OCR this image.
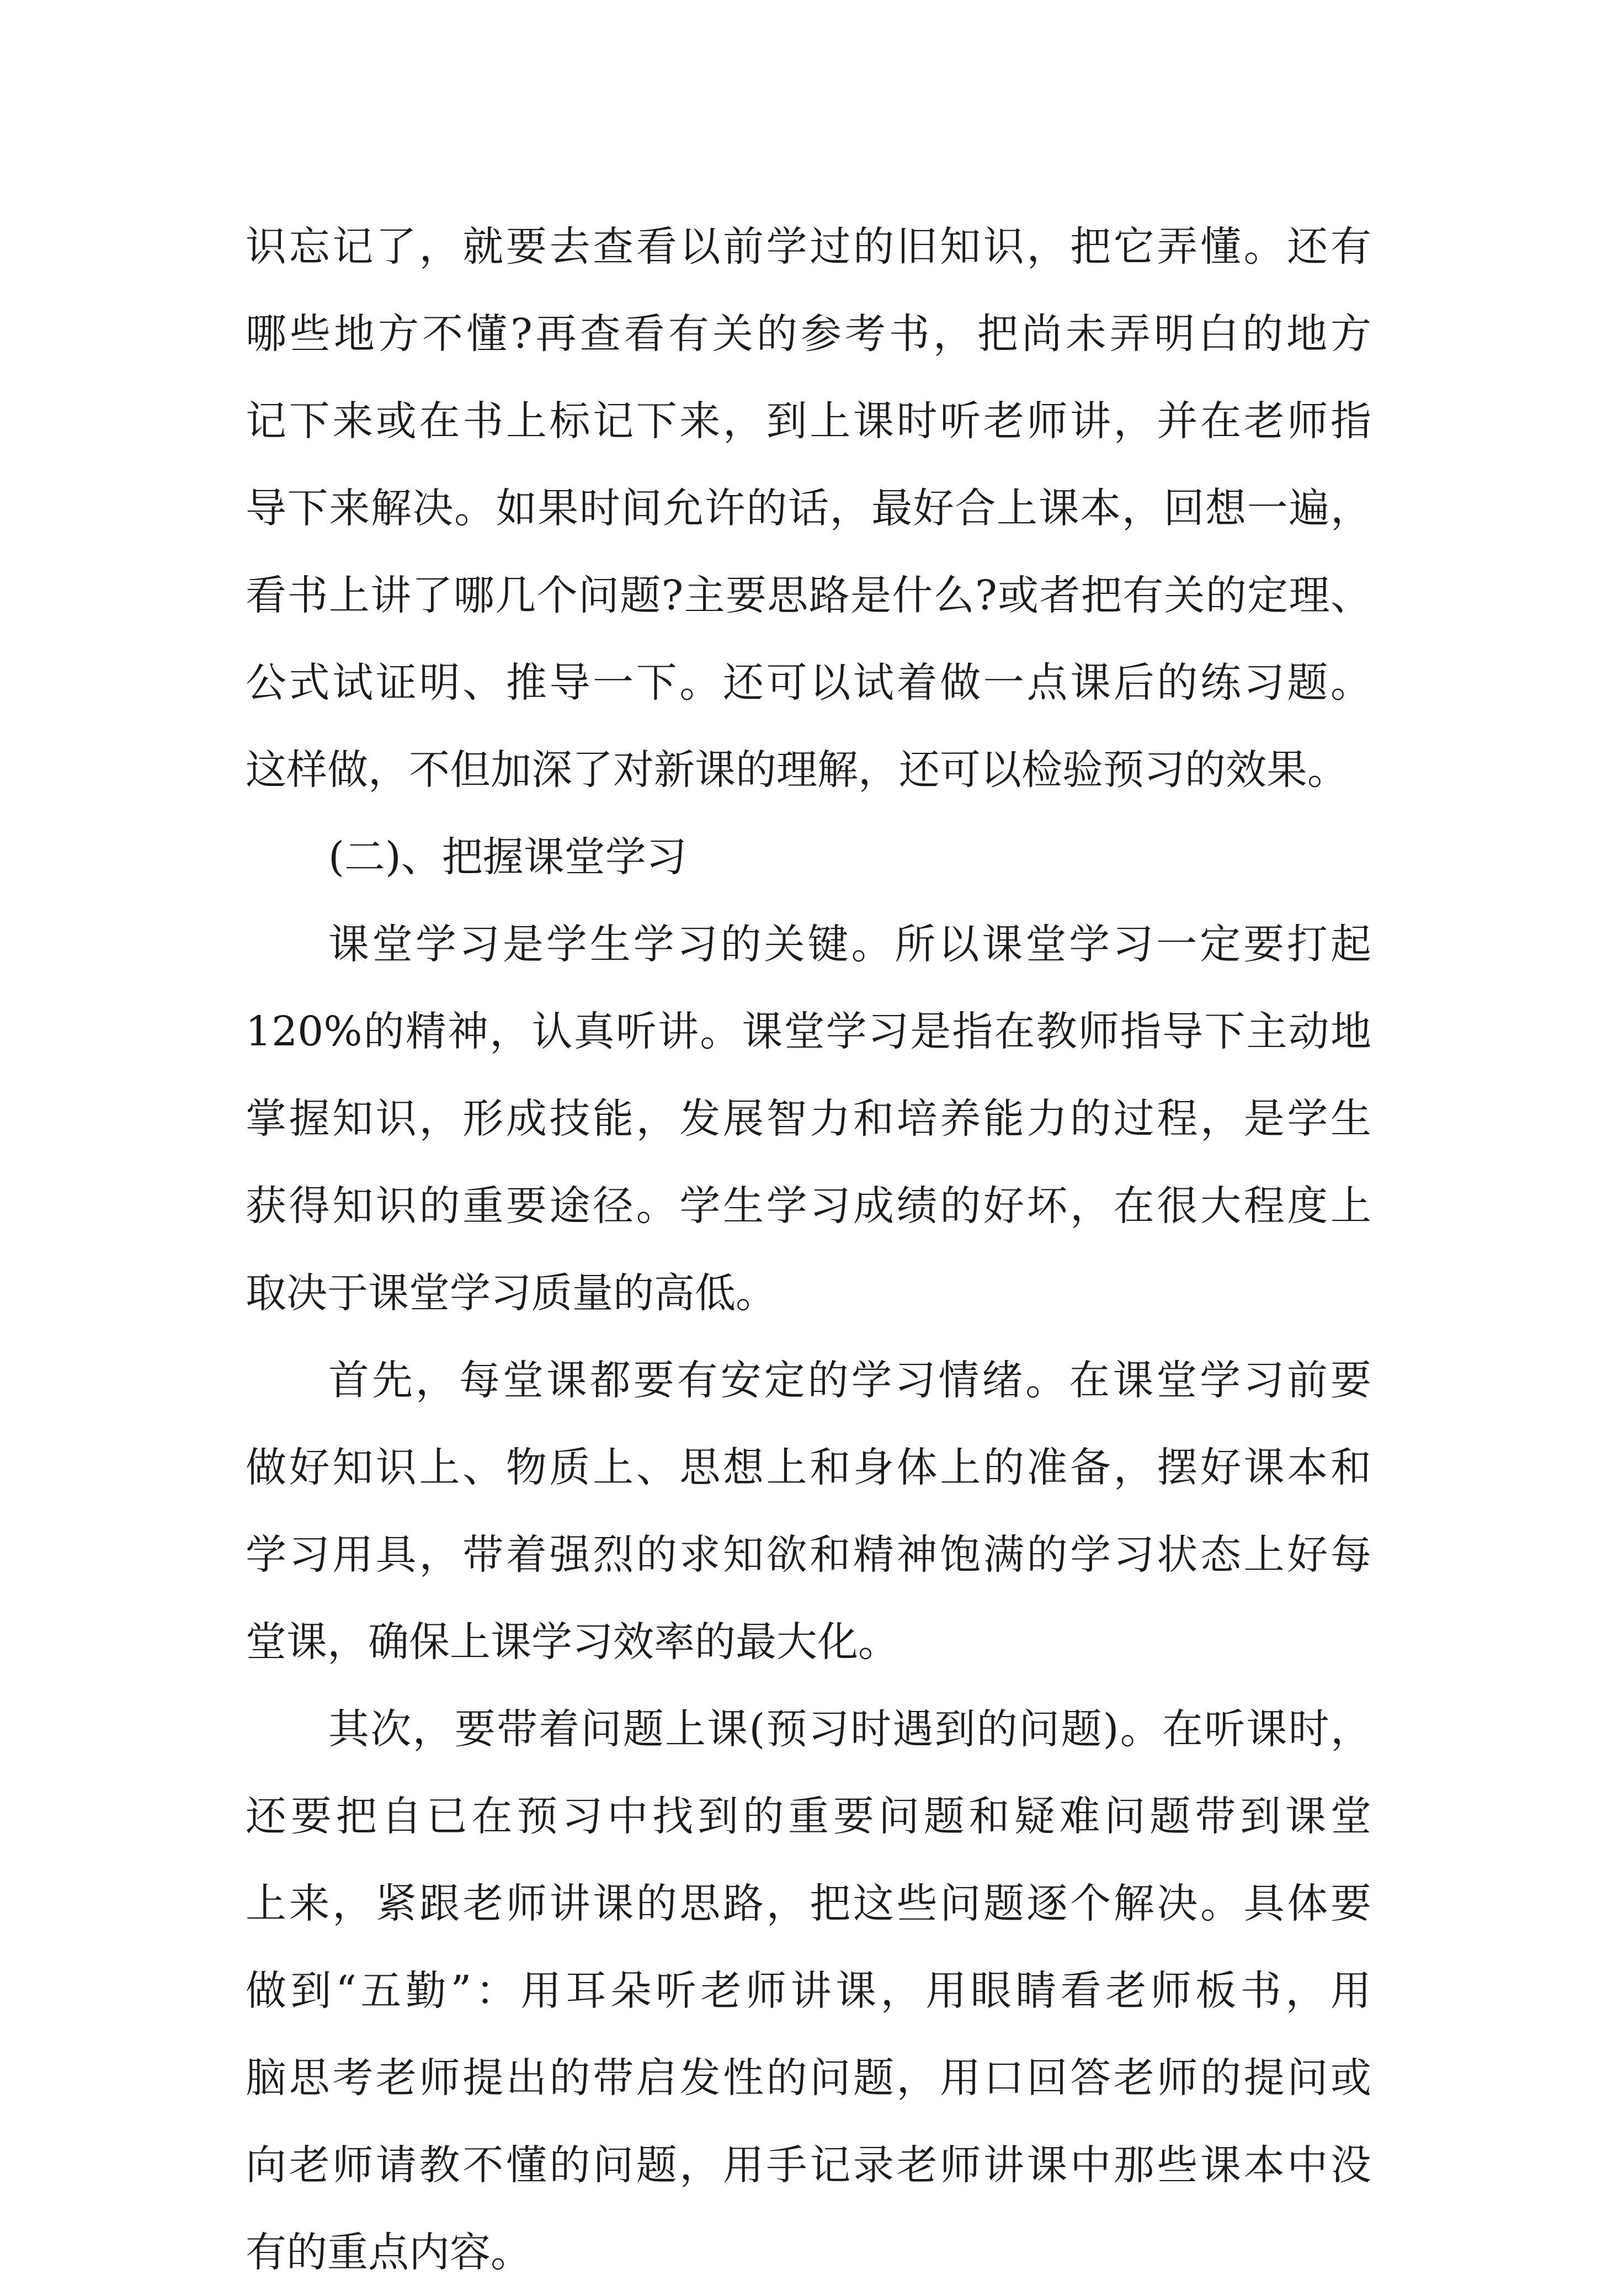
识忘记了，就要去查看以前学过的旧知识，把它弄懂。还有
哪些地方不懂?再查看有关的参考书，把尚未弄明白的地方
记下来或在书上标记下来，到上课时听老师讲，并在老师指
导下来解决。如果时间允许的话，最好合上课本，回想一遍，
看书上讲了哪几个问题?主要思路是什么?或者把有关的定理、
公式试证明、推导一下。还可以试着做一点课后的练习题。
这样做，不但加深了对新课的理解，还可以检验预习的效果。
(二)、把握课堂学习
课堂学习是学生学习的关键。所以课堂学习一定要打起
120%的精神，认真听讲。课堂学习是指在教师指导下主动地
掌握知识，形成技能，发展智力和培养能力的过程，是学生
获得知识的重要途径。学生学习成绩的好坏，在很大程度上
取决于课堂学习质量的高低。
首先，每堂课都要有安定的学习情绪。在课堂学习前要
做好知识上、物质上、思想上和身体上的准备，摆好课本和
学习用具，带着强烈的求知欲和精神饱满的学习状态上好每
堂课，确保上课学习效率的最大化。
其次，要带着问题上课(预习时遇到的问题)。在听课时，
还要把自已在预习中找到的重要问题和疑难问题带到课堂
上来，紧跟老师讲课的思路，把这些问题逐个解决。具体要
做到“五勤”：用耳朵听老师讲课，用眼睛看老师板书，用
脑思考老师提出的带启发性的问题，用口回答老师的提问或
向老师请教不懂的问题，用手记录老师讲课中那些课本中没
有的重点内容。
